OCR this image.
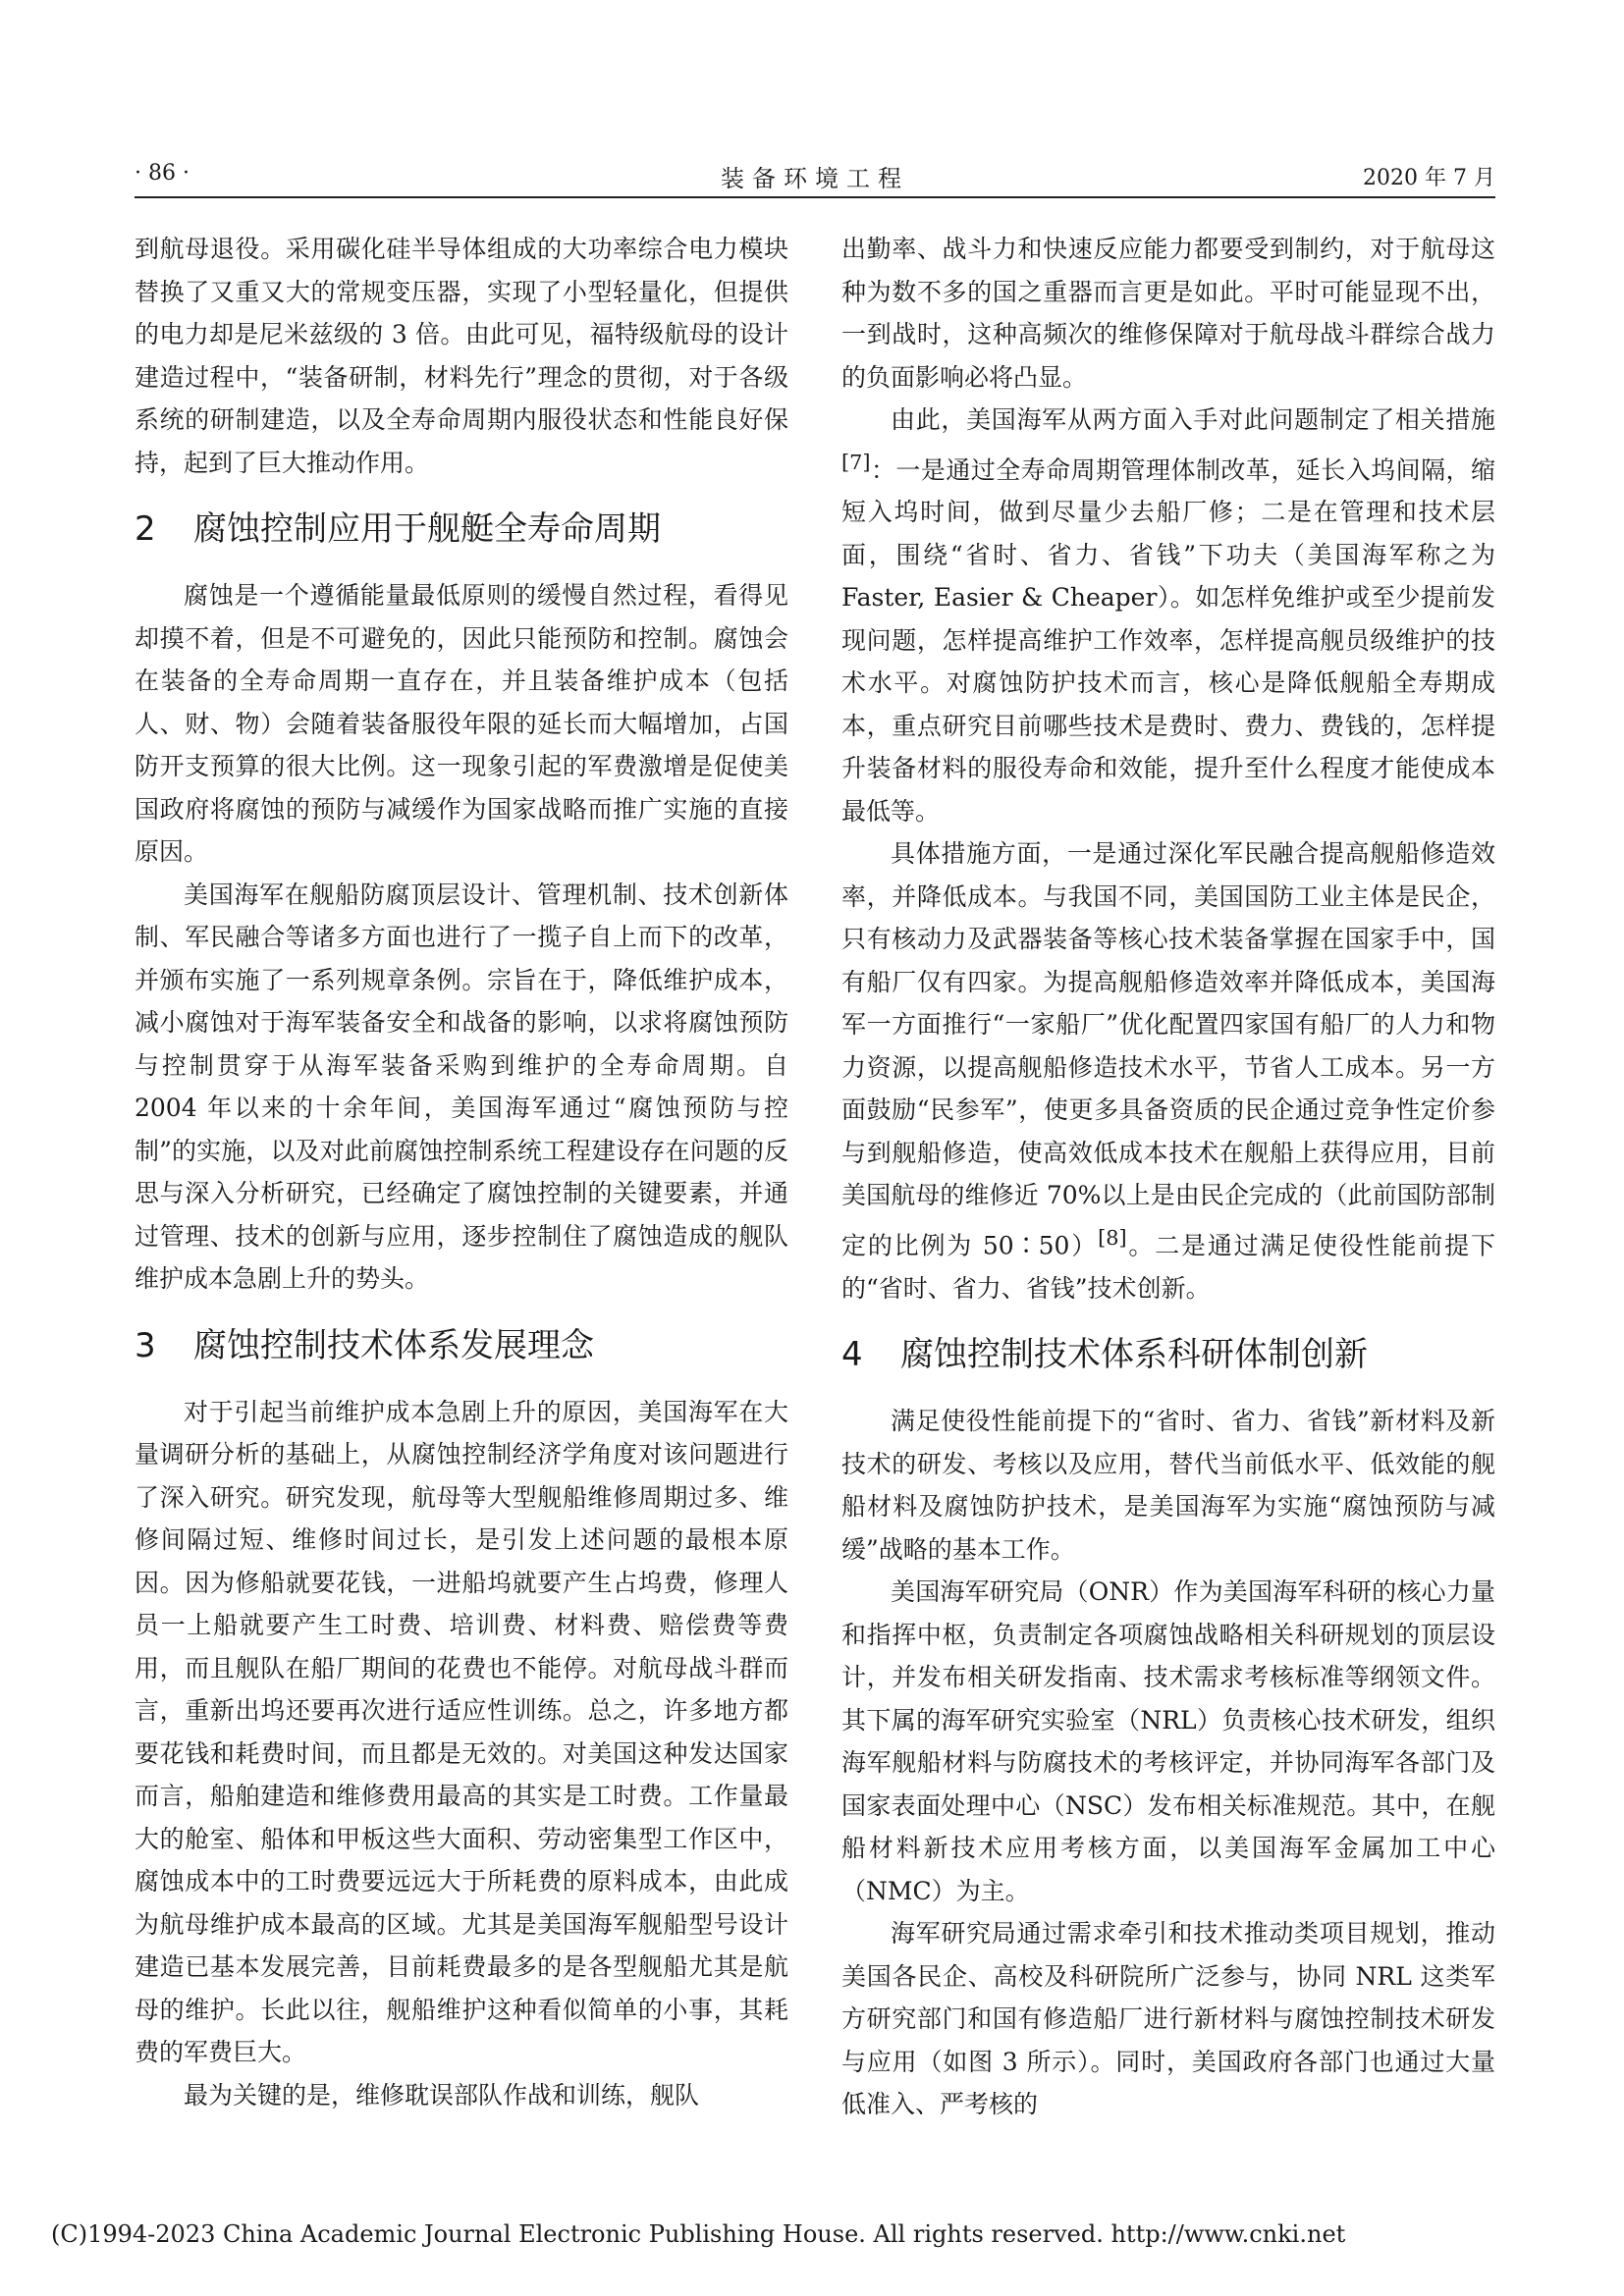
· 86 ·	装备环境工程	2020 年 7 月

到航母退役。采用碳化硅半导体组成的大功率综合电力模块替换了又重又大的常规变压器，实现了小型轻量化，但提供的电力却是尼米兹级的 3 倍。由此可见，福特级航母的设计建造过程中，“装备研制，材料先行”理念的贯彻，对于各级系统的研制建造，以及全寿命周期内服役状态和性能良好保持，起到了巨大推动作用。

2 腐蚀控制应用于舰艇全寿命周期

腐蚀是一个遵循能量最低原则的缓慢自然过程，看得见却摸不着，但是不可避免的，因此只能预防和控制。腐蚀会在装备的全寿命周期一直存在，并且装备维护成本（包括人、财、物）会随着装备服役年限的延长而大幅增加，占国防开支预算的很大比例。这一现象引起的军费激增是促使美国政府将腐蚀的预防与减缓作为国家战略而推广实施的直接原因。

美国海军在舰船防腐顶层设计、管理机制、技术创新体制、军民融合等诸多方面也进行了一揽子自上而下的改革，并颁布实施了一系列规章条例。宗旨在于，降低维护成本，减小腐蚀对于海军装备安全和战备的影响，以求将腐蚀预防与控制贯穿于从海军装备采购到维护的全寿命周期。自 2004 年以来的十余年间，美国海军通过“腐蚀预防与控制”的实施，以及对此前腐蚀控制系统工程建设存在问题的反思与深入分析研究，已经确定了腐蚀控制的关键要素，并通过管理、技术的创新与应用，逐步控制住了腐蚀造成的舰队维护成本急剧上升的势头。

3 腐蚀控制技术体系发展理念

对于引起当前维护成本急剧上升的原因，美国海军在大量调研分析的基础上，从腐蚀控制经济学角度对该问题进行了深入研究。研究发现，航母等大型舰船维修周期过多、维修间隔过短、维修时间过长，是引发上述问题的最根本原因。因为修船就要花钱，一进船坞就要产生占坞费，修理人员一上船就要产生工时费、培训费、材料费、赔偿费等费用，而且舰队在船厂期间的花费也不能停。对航母战斗群而言，重新出坞还要再次进行适应性训练。总之，许多地方都要花钱和耗费时间，而且都是无效的。对美国这种发达国家而言，船舶建造和维修费用最高的其实是工时费。工作量最大的舱室、船体和甲板这些大面积、劳动密集型工作区中，腐蚀成本中的工时费要远远大于所耗费的原料成本，由此成为航母维护成本最高的区域。尤其是美国海军舰船型号设计建造已基本发展完善，目前耗费最多的是各型舰船尤其是航母的维护。长此以往，舰船维护这种看似简单的小事，其耗费的军费巨大。

最为关键的是，维修耽误部队作战和训练，舰队

出勤率、战斗力和快速反应能力都要受到制约，对于航母这种为数不多的国之重器而言更是如此。平时可能显现不出，一到战时，这种高频次的维修保障对于航母战斗群综合战力的负面影响必将凸显。

由此，美国海军从两方面入手对此问题制定了相关措施[7]：一是通过全寿命周期管理体制改革，延长入坞间隔，缩短入坞时间，做到尽量少去船厂修；二是在管理和技术层面，围绕“省时、省力、省钱”下功夫（美国海军称之为 Faster, Easier & Cheaper）。如怎样免维护或至少提前发现问题，怎样提高维护工作效率，怎样提高舰员级维护的技术水平。对腐蚀防护技术而言，核心是降低舰船全寿期成本，重点研究目前哪些技术是费时、费力、费钱的，怎样提升装备材料的服役寿命和效能，提升至什么程度才能使成本最低等。

具体措施方面，一是通过深化军民融合提高舰船修造效率，并降低成本。与我国不同，美国国防工业主体是民企，只有核动力及武器装备等核心技术装备掌握在国家手中，国有船厂仅有四家。为提高舰船修造效率并降低成本，美国海军一方面推行“一家船厂”优化配置四家国有船厂的人力和物力资源，以提高舰船修造技术水平，节省人工成本。另一方面鼓励“民参军”，使更多具备资质的民企通过竞争性定价参与到舰船修造，使高效低成本技术在舰船上获得应用，目前美国航母的维修近 70%以上是由民企完成的（此前国防部制定的比例为 50∶50）[8]。二是通过满足使役性能前提下的“省时、省力、省钱”技术创新。

4 腐蚀控制技术体系科研体制创新

满足使役性能前提下的“省时、省力、省钱”新材料及新技术的研发、考核以及应用，替代当前低水平、低效能的舰船材料及腐蚀防护技术，是美国海军为实施“腐蚀预防与减缓”战略的基本工作。

美国海军研究局（ONR）作为美国海军科研的核心力量和指挥中枢，负责制定各项腐蚀战略相关科研规划的顶层设计，并发布相关研发指南、技术需求考核标准等纲领文件。其下属的海军研究实验室（NRL）负责核心技术研发，组织海军舰船材料与防腐技术的考核评定，并协同海军各部门及国家表面处理中心（NSC）发布相关标准规范。其中，在舰船材料新技术应用考核方面，以美国海军金属加工中心（NMC）为主。

海军研究局通过需求牵引和技术推动类项目规划，推动美国各民企、高校及科研院所广泛参与，协同 NRL 这类军方研究部门和国有修造船厂进行新材料与腐蚀控制技术研发与应用（如图 3 所示）。同时，美国政府各部门也通过大量低准入、严考核的

(C)1994-2023 China Academic Journal Electronic Publishing House. All rights reserved. http://www.cnki.net
